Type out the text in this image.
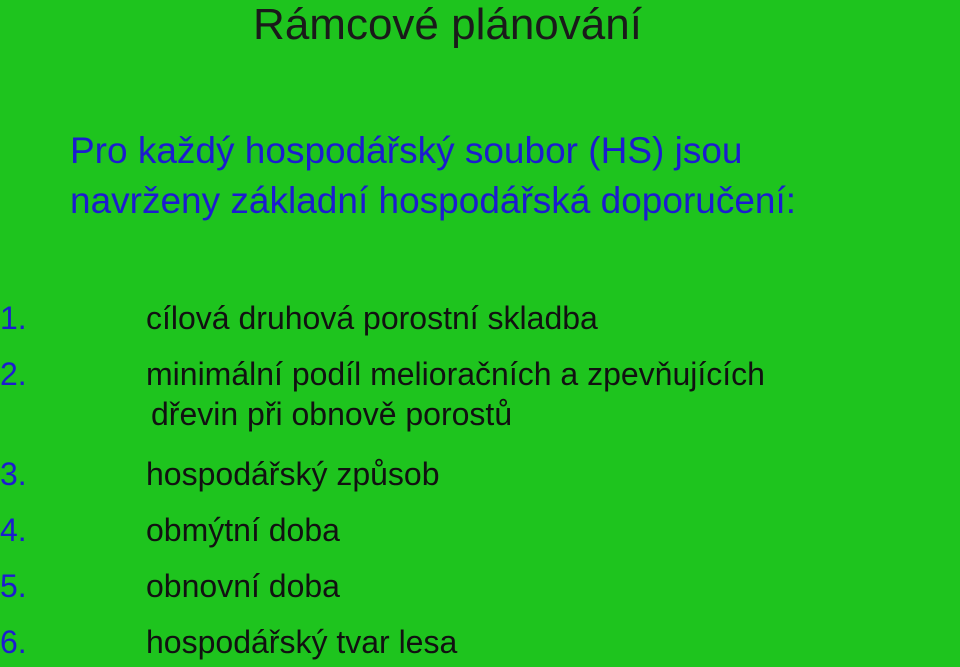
Rámcové plánování
Pro každý hospodářský soubor (HS) jsou
navrženy základní hospodářská doporučení:
1.	cílová druhová porostní skladba
2.	minimální podíl melioračních a zpevňujících
dřevin při obnově porostů
3.	hospodářský způsob
4.	obmýtní doba
5.	obnovní doba
6.	hospodářský tvar lesa
